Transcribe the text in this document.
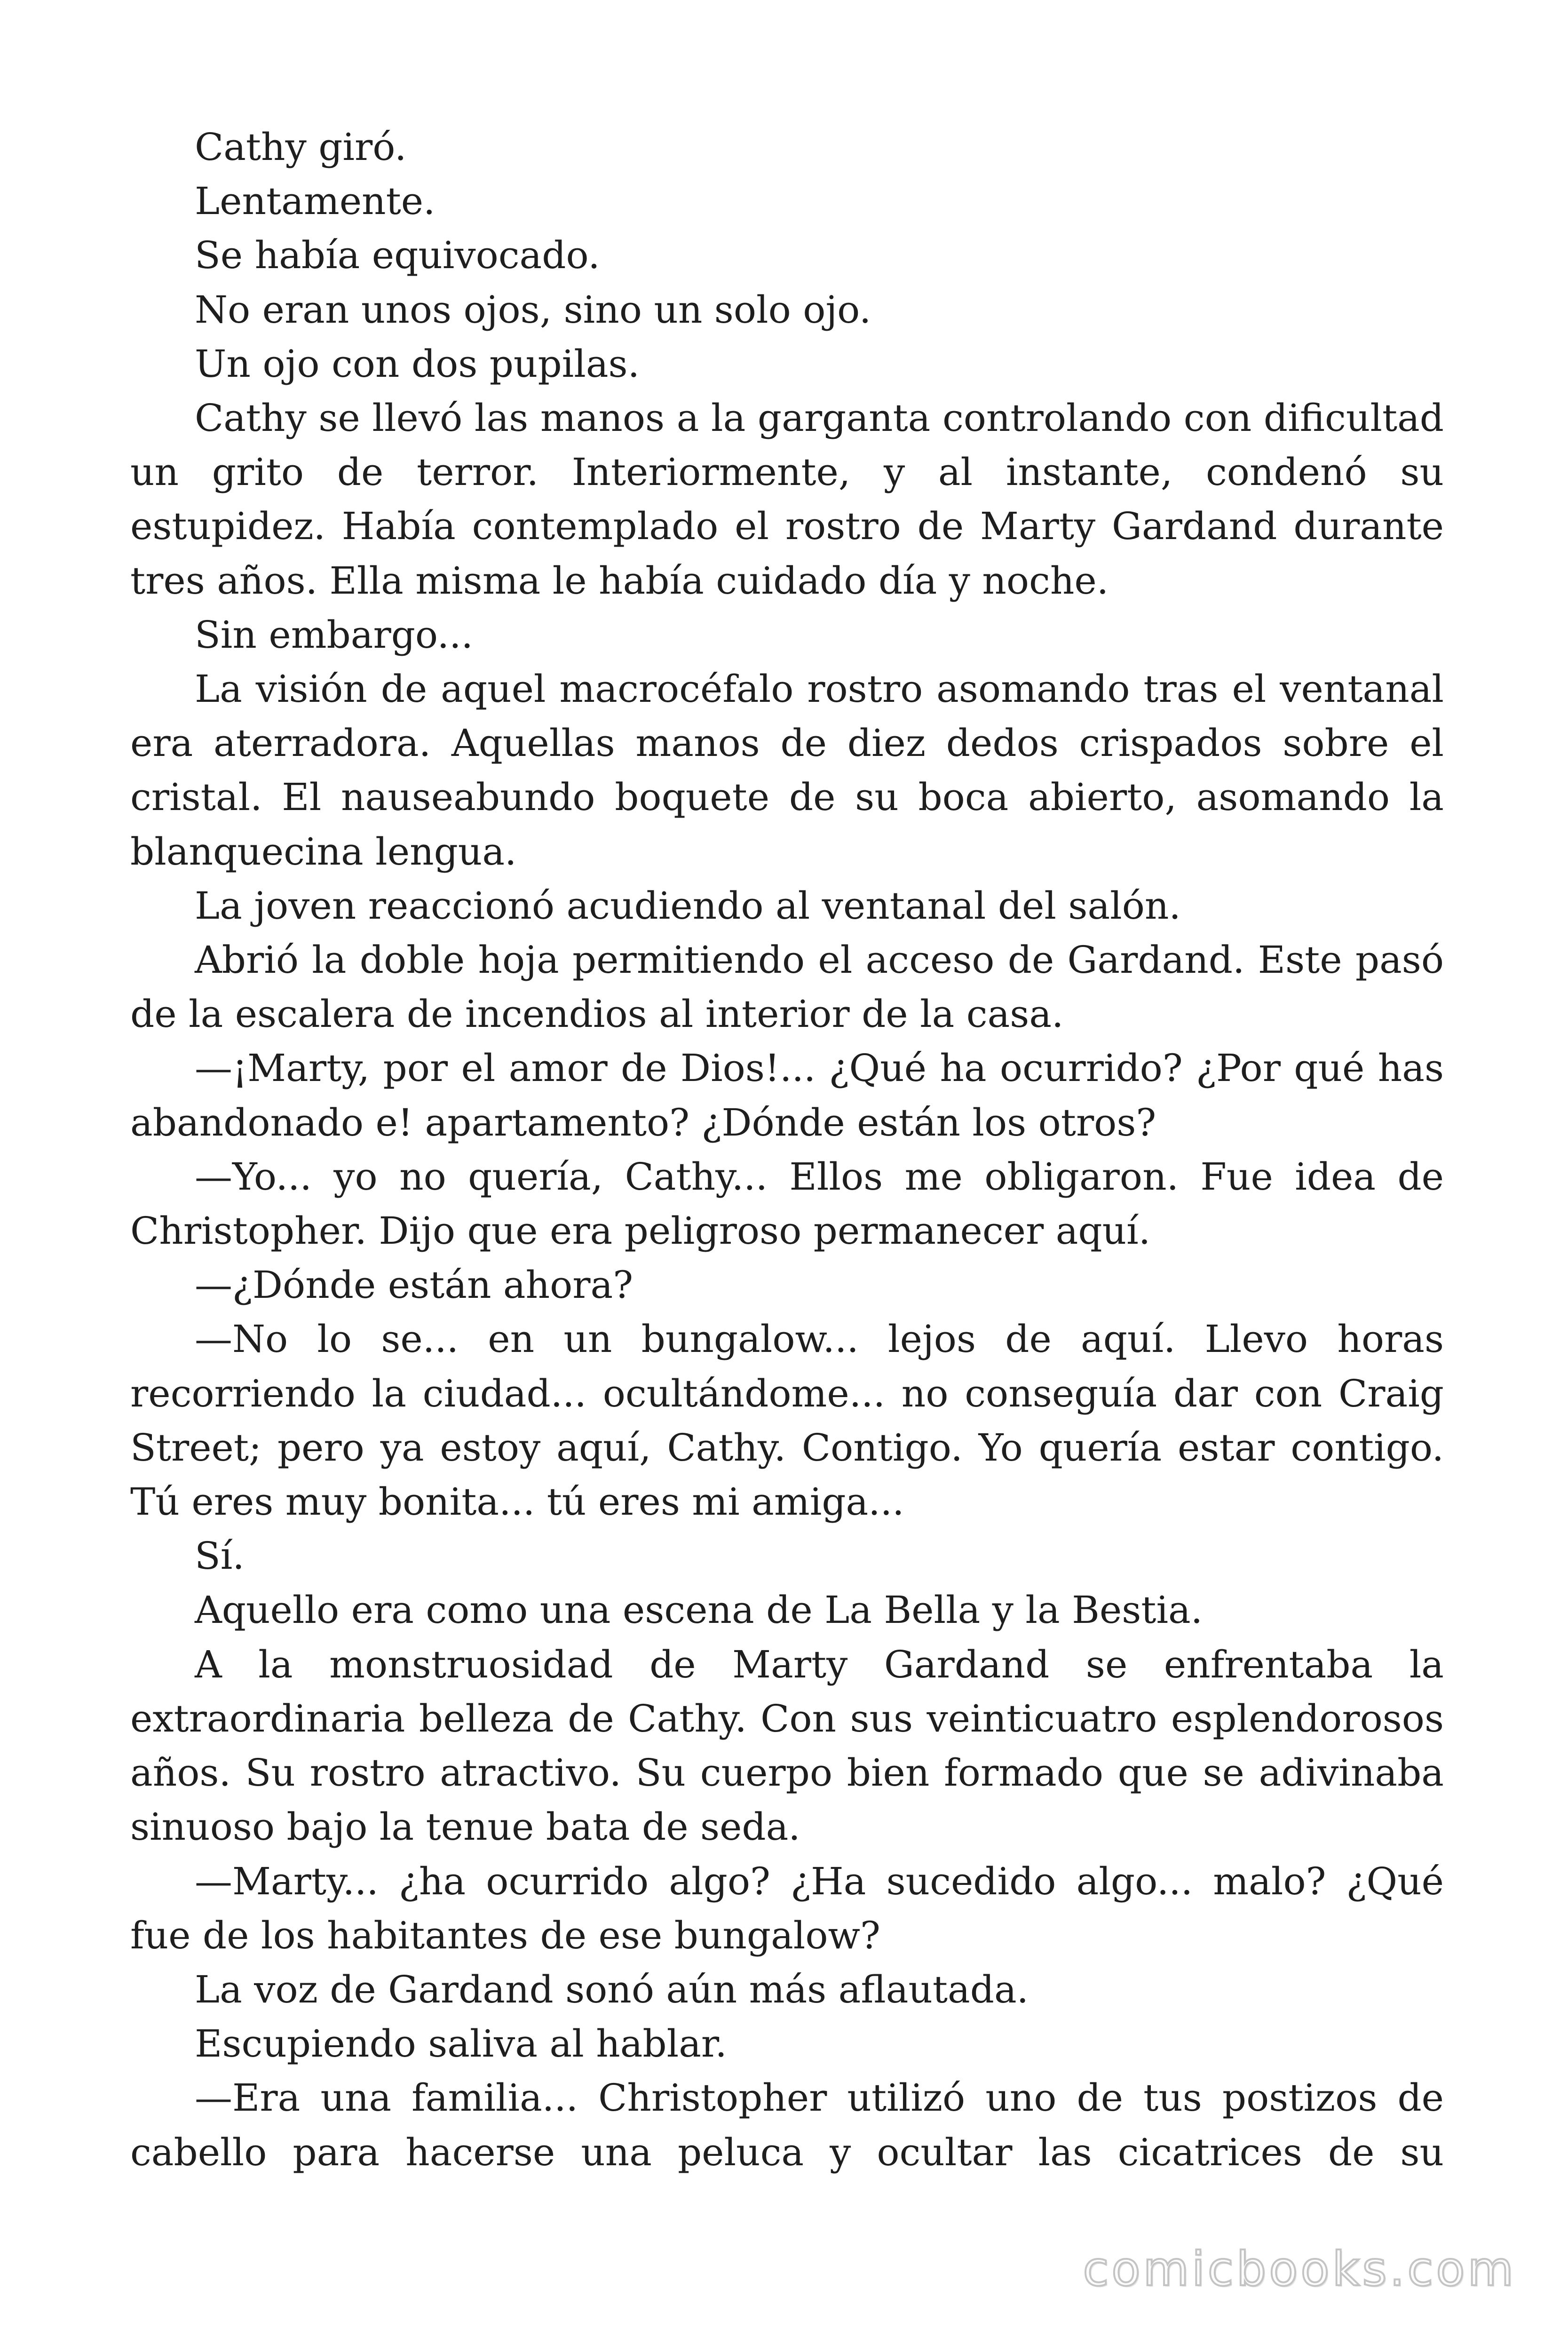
Cathy giró.

Lentamente.

Se había equivocado.

No eran unos ojos, sino un solo ojo.

Un ojo con dos pupilas.

Cathy se llevó las manos a la garganta controlando con dificultad un grito de terror. Interiormente, y al instante, condenó su estupidez. Había contemplado el rostro de Marty Gardand durante tres años. Ella misma le había cuidado día y noche.

Sin embargo...

La visión de aquel macrocéfalo rostro asomando tras el ventanal era aterradora. Aquellas manos de diez dedos crispados sobre el cristal. El nauseabundo boquete de su boca abierto, asomando la blanquecina lengua.

La joven reaccionó acudiendo al ventanal del salón.

Abrió la doble hoja permitiendo el acceso de Gardand. Este pasó de la escalera de incendios al interior de la casa.

—¡Marty, por el amor de Dios!... ¿Qué ha ocurrido? ¿Por qué has abandonado e! apartamento? ¿Dónde están los otros?

—Yo... yo no quería, Cathy... Ellos me obligaron. Fue idea de Christopher. Dijo que era peligroso permanecer aquí.

—¿Dónde están ahora?

—No lo se... en un bungalow... lejos de aquí. Llevo horas recorriendo la ciudad... ocultándome... no conseguía dar con Craig Street; pero ya estoy aquí, Cathy. Contigo. Yo quería estar contigo. Tú eres muy bonita... tú eres mi amiga...

Sí.

Aquello era como una escena de La Bella y la Bestia.

A la monstruosidad de Marty Gardand se enfrentaba la extraordinaria belleza de Cathy. Con sus veinticuatro esplendorosos años. Su rostro atractivo. Su cuerpo bien formado que se adivinaba sinuoso bajo la tenue bata de seda.

—Marty... ¿ha ocurrido algo? ¿Ha sucedido algo... malo? ¿Qué fue de los habitantes de ese bungalow?

La voz de Gardand sonó aún más aflautada.

Escupiendo saliva al hablar.

—Era una familia... Christopher utilizó uno de tus postizos de cabello para hacerse una peluca y ocultar las cicatrices de su

comicbooks.com
